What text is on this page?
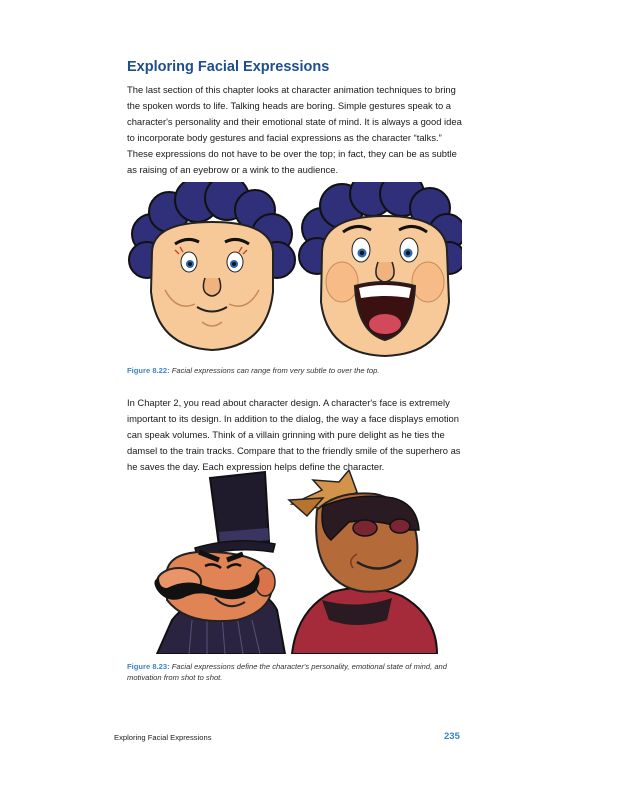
Exploring Facial Expressions

The last section of this chapter looks at character animation techniques to bring the spoken words to life. Talking heads are boring. Simple gestures speak to a character's personality and their emotional state of mind. It is always a good idea to incorporate body gestures and facial expressions as the character “talks.” These expressions do not have to be over the top; in fact, they can be as subtle as raising of an eyebrow or a wink to the audience.

Figure 8.22: Facial expressions can range from very subtle to over the top.

In Chapter 2, you read about character design. A character's face is extremely important to its design. In addition to the dialog, the way a face displays emotion can speak volumes. Think of a villain grinning with pure delight as he ties the damsel to the train tracks. Compare that to the friendly smile of the superhero as he saves the day. Each expression helps define the character.

Figure 8.23: Facial expressions define the character's personality, emotional state of mind, and motivation from shot to shot.

Exploring Facial Expressions	235
